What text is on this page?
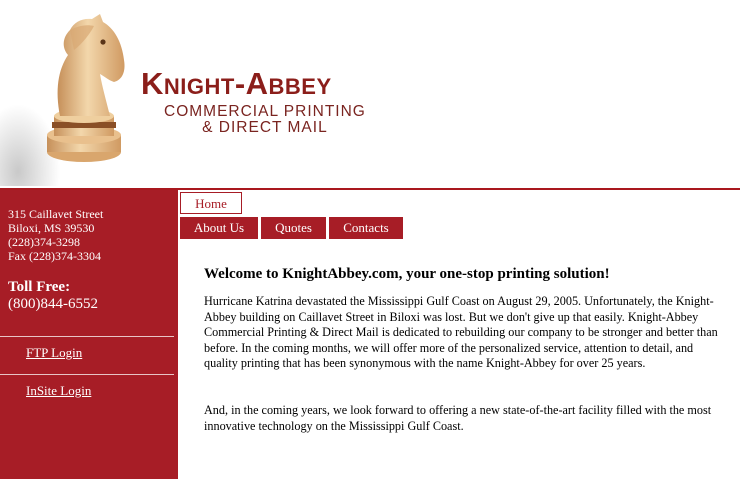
Knight-Abbey
COMMERCIAL PRINTING
& DIRECT MAIL
315 Caillavet Street
Biloxi, MS 39530
(228)374-3298
Fax (228)374-3304
Toll Free:
(800)844-6552
FTP Login
InSite Login
Home
About Us	Quotes	Contacts
Welcome to KnightAbbey.com, your one-stop printing solution!

Hurricane Katrina devastated the Mississippi Gulf Coast on August 29, 2005. Unfortunately, the Knight-Abbey building on Caillavet Street in Biloxi was lost. But we don't give up that easily. Knight-Abbey Commercial Printing & Direct Mail is dedicated to rebuilding our company to be stronger and better than before. In the coming months, we will offer more of the personalized service, attention to detail, and quality printing that has been synonymous with the name Knight-Abbey for over 25 years.

And, in the coming years, we look forward to offering a new state-of-the-art facility filled with the most innovative technology on the Mississippi Gulf Coast.
